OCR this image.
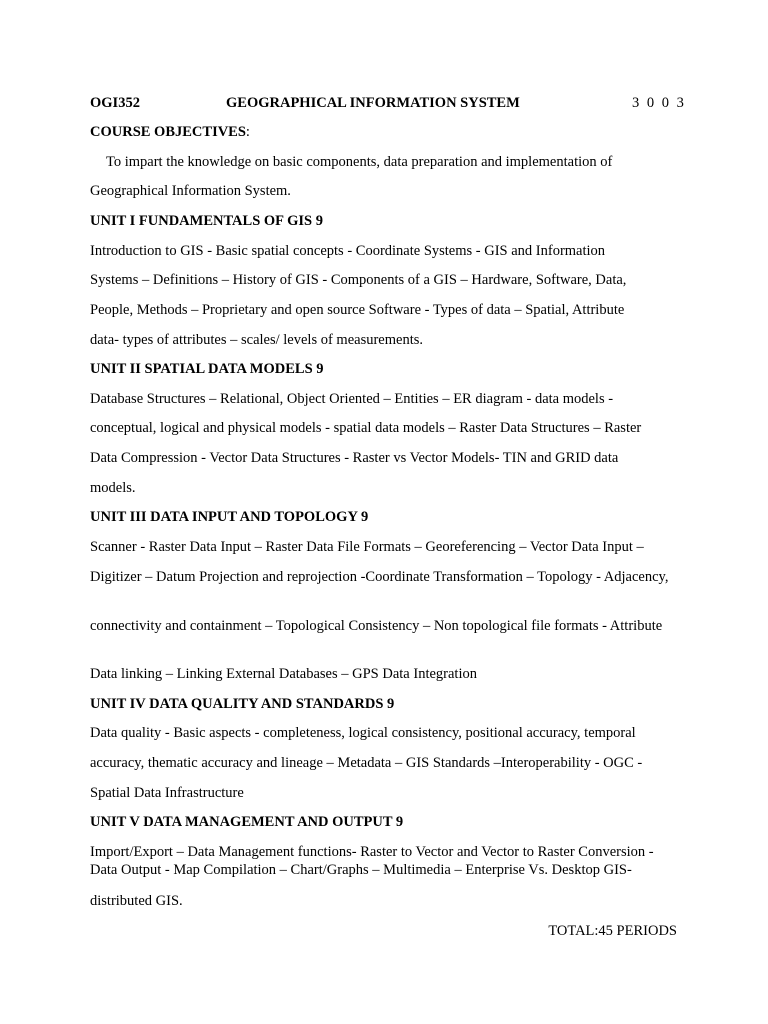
OGI352	GEOGRAPHICAL INFORMATION SYSTEM	3 0 0 3
COURSE OBJECTIVES:
To impart the knowledge on basic components, data preparation and implementation of
Geographical Information System.
UNIT I FUNDAMENTALS OF GIS 9
Introduction to GIS - Basic spatial concepts - Coordinate Systems - GIS and Information
Systems – Definitions – History of GIS - Components of a GIS – Hardware, Software, Data,
People, Methods – Proprietary and open source Software - Types of data – Spatial, Attribute
data- types of attributes – scales/ levels of measurements.
UNIT II SPATIAL DATA MODELS 9
Database Structures – Relational, Object Oriented – Entities – ER diagram - data models -
conceptual, logical and physical models - spatial data models – Raster Data Structures – Raster
Data Compression - Vector Data Structures - Raster vs Vector Models- TIN and GRID data
models.
UNIT III DATA INPUT AND TOPOLOGY 9
Scanner - Raster Data Input – Raster Data File Formats – Georeferencing – Vector Data Input –
Digitizer – Datum Projection and reprojection -Coordinate Transformation – Topology - Adjacency,
connectivity and containment – Topological Consistency – Non topological file formats - Attribute
Data linking – Linking External Databases – GPS Data Integration
UNIT IV DATA QUALITY AND STANDARDS 9
Data quality - Basic aspects - completeness, logical consistency, positional accuracy, temporal
accuracy, thematic accuracy and lineage – Metadata – GIS Standards –Interoperability - OGC -
Spatial Data Infrastructure
UNIT V DATA MANAGEMENT AND OUTPUT 9
Import/Export – Data Management functions- Raster to Vector and Vector to Raster Conversion -Data Output - Map Compilation – Chart/Graphs – Multimedia – Enterprise Vs. Desktop GIS-
distributed GIS.
TOTAL:45 PERIODS
